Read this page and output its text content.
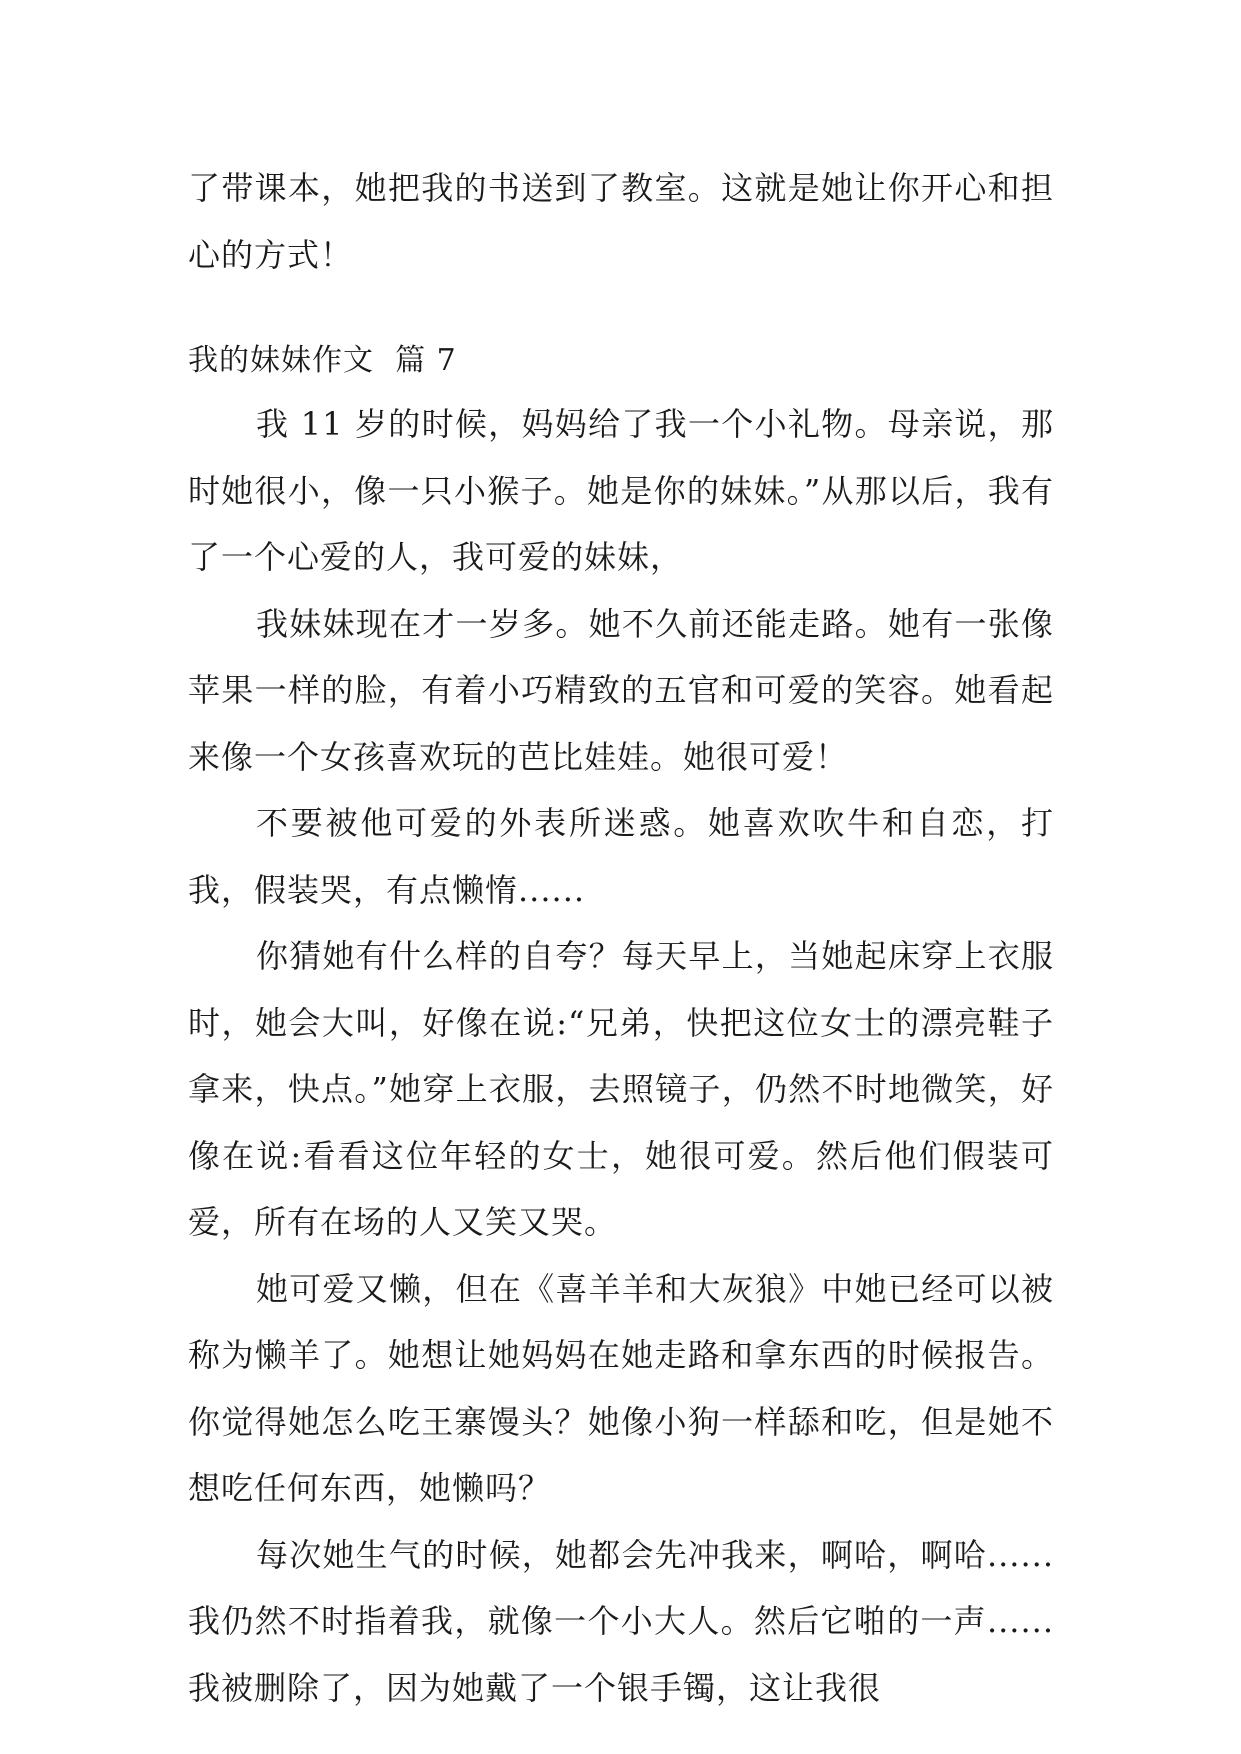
了带课本，她把我的书送到了教室。这就是她让你开心和担心的方式！

我的妹妹作文  篇 7

我 11 岁的时候，妈妈给了我一个小礼物。母亲说，那时她很小，像一只小猴子。她是你的妹妹。”从那以后，我有了一个心爱的人，我可爱的妹妹，

我妹妹现在才一岁多。她不久前还能走路。她有一张像苹果一样的脸，有着小巧精致的五官和可爱的笑容。她看起来像一个女孩喜欢玩的芭比娃娃。她很可爱！

不要被他可爱的外表所迷惑。她喜欢吹牛和自恋，打我，假装哭，有点懒惰......

你猜她有什么样的自夸？每天早上，当她起床穿上衣服时，她会大叫，好像在说:“兄弟，快把这位女士的漂亮鞋子拿来，快点。”她穿上衣服，去照镜子，仍然不时地微笑，好像在说:看看这位年轻的女士，她很可爱。然后他们假装可爱，所有在场的人又笑又哭。

她可爱又懒，但在《喜羊羊和大灰狼》中她已经可以被称为懒羊了。她想让她妈妈在她走路和拿东西的时候报告。你觉得她怎么吃王寨馒头？她像小狗一样舔和吃，但是她不想吃任何东西，她懒吗？

每次她生气的时候，她都会先冲我来，啊哈，啊哈......我仍然不时指着我，就像一个小大人。然后它啪的一声......我被删除了，因为她戴了一个银手镯，这让我很
